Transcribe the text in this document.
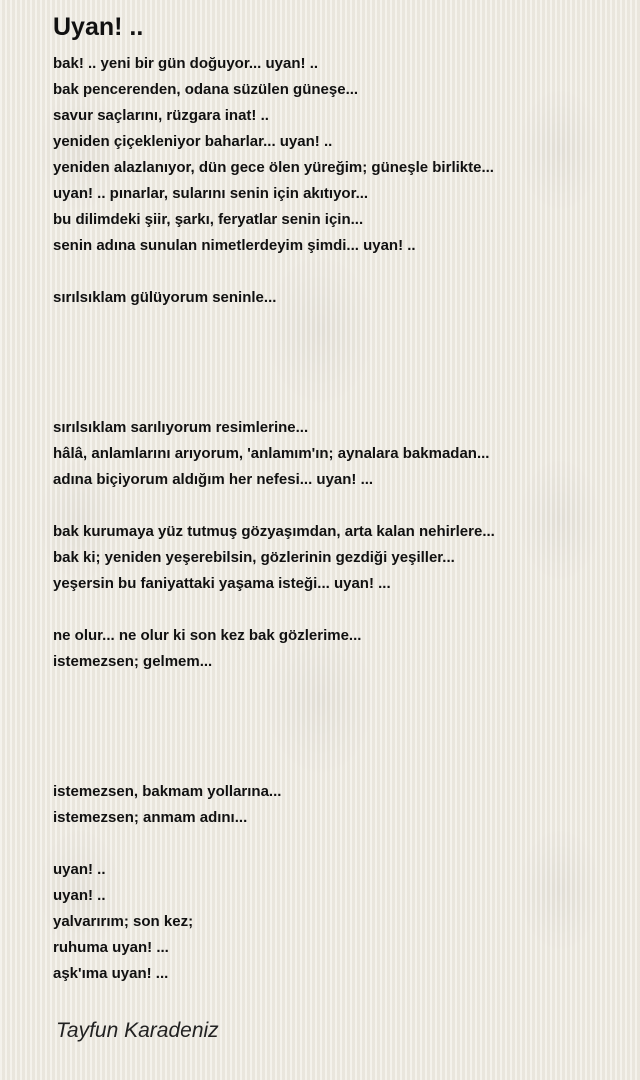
Uyan! ..
bak! .. yeni bir gün doğuyor... uyan! ..
bak pencerenden, odana süzülen güneşe...
savur saçlarını, rüzgara inat! ..
yeniden çiçekleniyor baharlar... uyan! ..
yeniden alazlanıyor, dün gece ölen yüreğim; güneşle birlikte...
uyan! .. pınarlar, sularını senin için akıtıyor...
bu dilimdeki şiir, şarkı, feryatlar senin için...
senin adına sunulan nimetlerdeyim şimdi... uyan! ..
sırılsıklam gülüyorum seninle...
sırılsıklam sarılıyorum resimlerine...
hâlâ, anlamlarını arıyorum, 'anlamım'ın; aynalara bakmadan...
adına biçiyorum aldığım her nefesi... uyan! ...
bak kurumaya yüz tutmuş gözyaşımdan, arta kalan nehirlere...
bak ki; yeniden yeşerebilsin, gözlerinin gezdiği yeşiller...
yeşersin bu faniyattaki yaşama isteği... uyan! ...
ne olur... ne olur ki son kez bak gözlerime...
istemezsen; gelmem...
istemezsen, bakmam yollarına...
istemezsen; anmam adını...
uyan! ..
uyan! ..
yalvarırım; son kez;
ruhuma uyan! ...
aşk'ıma uyan! ...
Tayfun Karadeniz
